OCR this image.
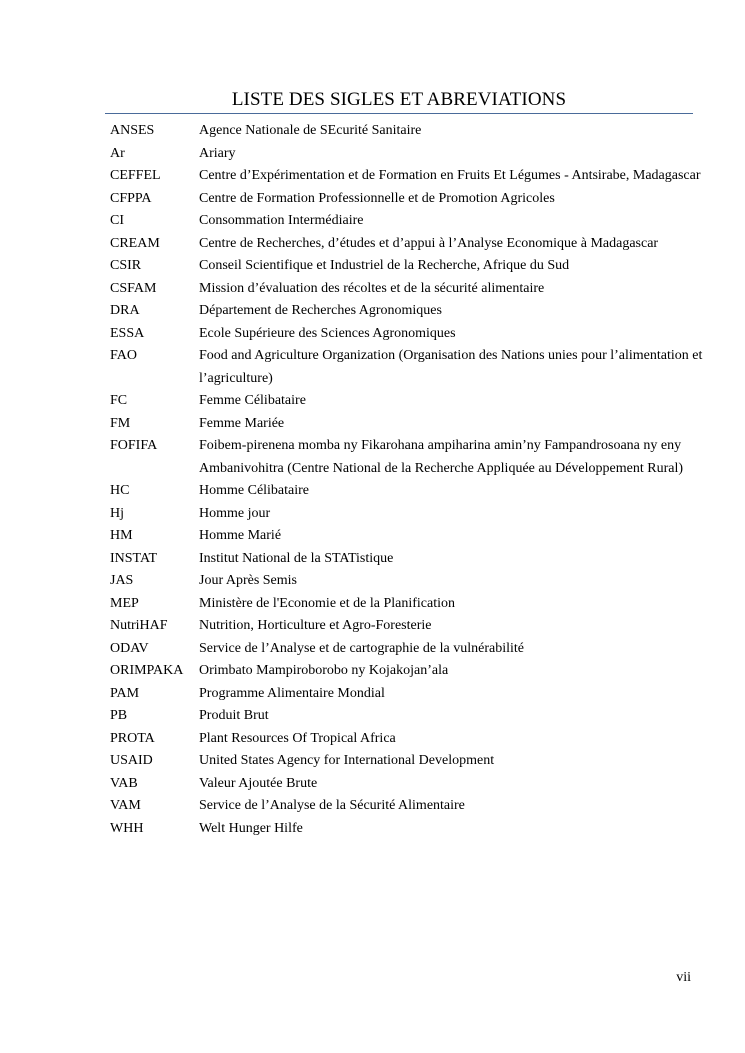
LISTE DES SIGLES ET ABREVIATIONS
ANSES	Agence Nationale de SEcurité Sanitaire
Ar	Ariary
CEFFEL	Centre d’Expérimentation et de Formation en Fruits Et Légumes - Antsirabe, Madagascar
CFPPA	Centre de Formation Professionnelle et de Promotion Agricoles
CI	Consommation Intermédiaire
CREAM	Centre de Recherches, d’études et d’appui à l’Analyse Economique à Madagascar
CSIR	Conseil Scientifique et Industriel de la Recherche, Afrique du Sud
CSFAM	Mission d’évaluation des récoltes et de la sécurité alimentaire
DRA	Département de Recherches Agronomiques
ESSA	Ecole Supérieure des Sciences Agronomiques
FAO	Food and Agriculture Organization (Organisation des Nations unies pour l’alimentation et l’agriculture)
FC	Femme Célibataire
FM	Femme Mariée
FOFIFA	Foibem-pirenena momba ny Fikarohana ampiharina amin’ny Fampandrosoana ny eny Ambanivohitra (Centre National de la Recherche Appliquée au Développement Rural)
HC	Homme Célibataire
Hj	Homme jour
HM	Homme Marié
INSTAT	Institut National de la STATistique
JAS	Jour Après Semis
MEP	Ministère de l'Economie et de la Planification
NutriHAF	Nutrition, Horticulture et Agro-Foresterie
ODAV	Service de l’Analyse et de cartographie de la vulnérabilité
ORIMPAKA	Orimbato Mampiroborobo ny Kojakojan’ala
PAM	Programme Alimentaire Mondial
PB	Produit Brut
PROTA	Plant Resources Of Tropical Africa
USAID	United States Agency for International Development
VAB	Valeur Ajoutée Brute
VAM	Service de l’Analyse de la Sécurité Alimentaire
WHH	Welt Hunger Hilfe
vii
